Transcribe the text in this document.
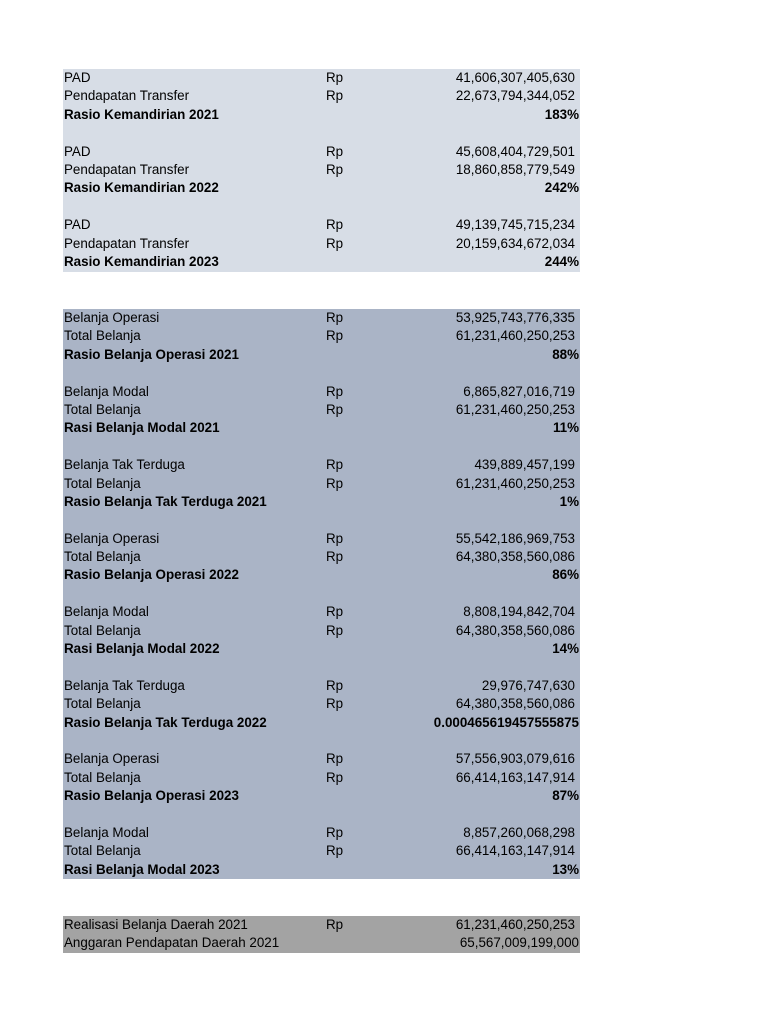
PAD	Rp	41,606,307,405,630
Pendapatan Transfer	Rp	22,673,794,344,052
Rasio Kemandirian 2021	183%
PAD	Rp	45,608,404,729,501
Pendapatan Transfer	Rp	18,860,858,779,549
Rasio Kemandirian 2022	242%
PAD	Rp	49,139,745,715,234
Pendapatan Transfer	Rp	20,159,634,672,034
Rasio Kemandirian 2023	244%
Belanja Operasi	Rp	53,925,743,776,335
Total Belanja	Rp	61,231,460,250,253
Rasio Belanja Operasi 2021	88%
Belanja Modal	Rp	6,865,827,016,719
Total Belanja	Rp	61,231,460,250,253
Rasi Belanja Modal 2021	11%
Belanja Tak Terduga	Rp	439,889,457,199
Total Belanja	Rp	61,231,460,250,253
Rasio Belanja Tak Terduga 2021	1%
Belanja Operasi	Rp	55,542,186,969,753
Total Belanja	Rp	64,380,358,560,086
Rasio Belanja Operasi 2022	86%
Belanja Modal	Rp	8,808,194,842,704
Total Belanja	Rp	64,380,358,560,086
Rasi Belanja Modal 2022	14%
Belanja Tak Terduga	Rp	29,976,747,630
Total Belanja	Rp	64,380,358,560,086
Rasio Belanja Tak Terduga 2022	0.000465619457555875
Belanja Operasi	Rp	57,556,903,079,616
Total Belanja	Rp	66,414,163,147,914
Rasio Belanja Operasi 2023	87%
Belanja Modal	Rp	8,857,260,068,298
Total Belanja	Rp	66,414,163,147,914
Rasi Belanja Modal 2023	13%
Realisasi Belanja Daerah 2021	Rp	61,231,460,250,253
Anggaran Pendapatan Daerah 2021	65,567,009,199,000
